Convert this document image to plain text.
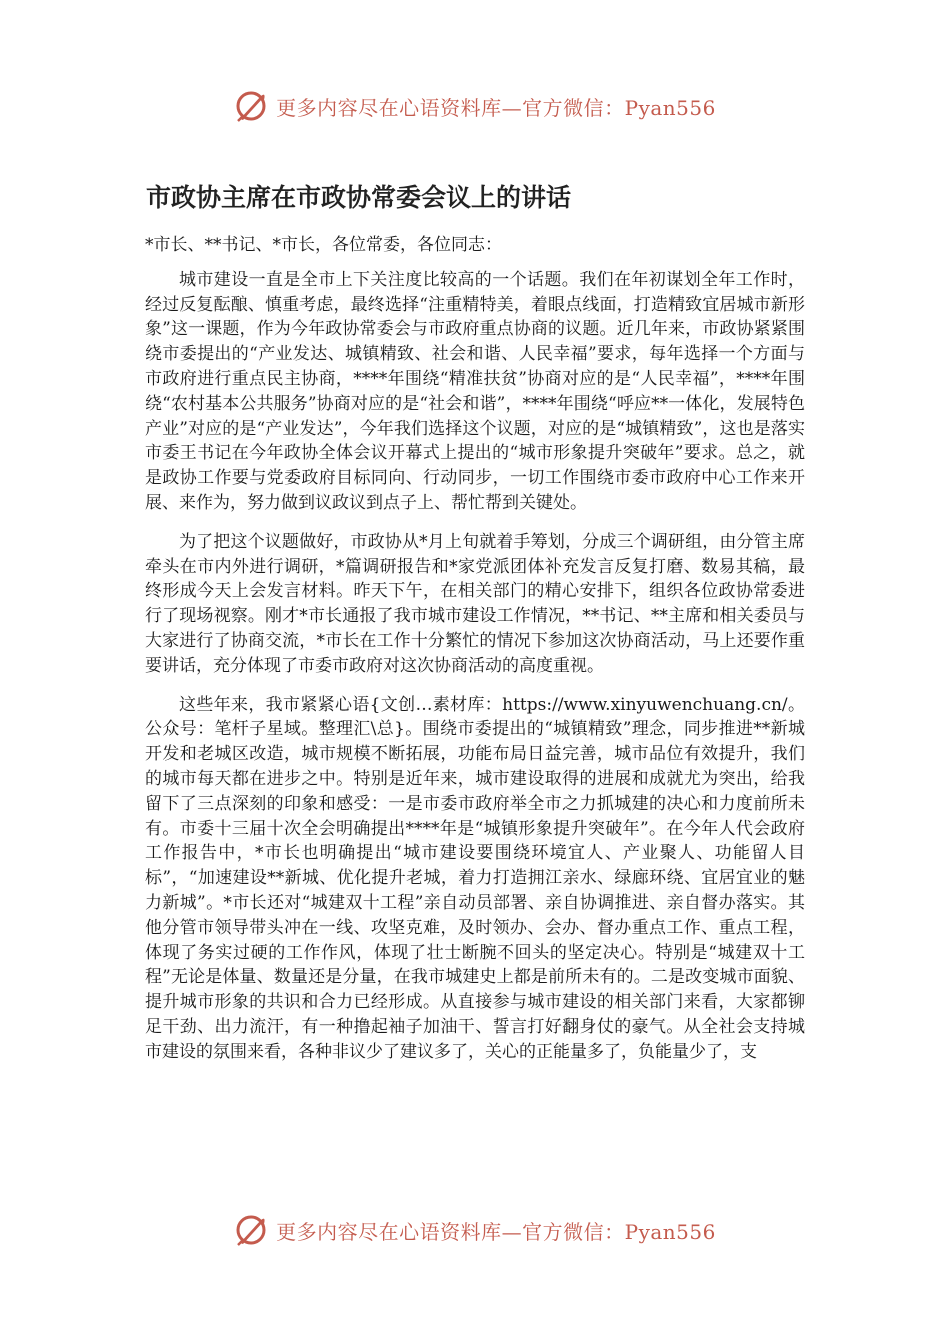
更多内容尽在心语资料库—官方微信：Pyan556
市政协主席在市政协常委会议上的讲话

*市长、**书记、*市长，各位常委，各位同志：

城市建设一直是全市上下关注度比较高的一个话题。我们在年初谋划全年工作时，经过反复酝酿、慎重考虑，最终选择“注重精特美，着眼点线面，打造精致宜居城市新形象”这一课题，作为今年政协常委会与市政府重点协商的议题。近几年来，市政协紧紧围绕市委提出的“产业发达、城镇精致、社会和谐、人民幸福”要求，每年选择一个方面与市政府进行重点民主协商，****年围绕“精准扶贫”协商对应的是“人民幸福”，****年围绕“农村基本公共服务”协商对应的是“社会和谐”，****年围绕“呼应**一体化，发展特色产业”对应的是“产业发达”，今年我们选择这个议题，对应的是“城镇精致”，这也是落实市委王书记在今年政协全体会议开幕式上提出的“城市形象提升突破年”要求。总之，就是政协工作要与党委政府目标同向、行动同步，一切工作围绕市委市政府中心工作来开展、来作为，努力做到议政议到点子上、帮忙帮到关键处。

为了把这个议题做好，市政协从*月上旬就着手筹划，分成三个调研组，由分管主席牵头在市内外进行调研，*篇调研报告和*家党派团体补充发言反复打磨、数易其稿，最终形成今天上会发言材料。昨天下午，在相关部门的精心安排下，组织各位政协常委进行了现场视察。刚才*市长通报了我市城市建设工作情况，**书记、**主席和相关委员与大家进行了协商交流，*市长在工作十分繁忙的情况下参加这次协商活动，马上还要作重要讲话，充分体现了市委市政府对这次协商活动的高度重视。

这些年来，我市紧紧心语{文创…素材库：https://www.xinyuwenchuang.cn/。公众号：笔杆子星域。整理汇\总}。围绕市委提出的“城镇精致”理念，同步推进**新城开发和老城区改造，城市规模不断拓展，功能布局日益完善，城市品位有效提升，我们的城市每天都在进步之中。特别是近年来，城市建设取得的进展和成就尤为突出，给我留下了三点深刻的印象和感受：一是市委市政府举全市之力抓城建的决心和力度前所未有。市委十三届十次全会明确提出****年是“城镇形象提升突破年”。在今年人代会政府工作报告中，*市长也明确提出“城市建设要围绕环境宜人、产业聚人、功能留人目标”，“加速建设**新城、优化提升老城，着力打造拥江亲水、绿廊环绕、宜居宜业的魅力新城”。*市长还对“城建双十工程”亲自动员部署、亲自协调推进、亲自督办落实。其他分管市领导带头冲在一线、攻坚克难，及时领办、会办、督办重点工作、重点工程，体现了务实过硬的工作作风，体现了壮士断腕不回头的坚定决心。特别是“城建双十工程”无论是体量、数量还是分量，在我市城建史上都是前所未有的。二是改变城市面貌、提升城市形象的共识和合力已经形成。从直接参与城市建设的相关部门来看，大家都铆足干劲、出力流汗，有一种撸起袖子加油干、誓言打好翻身仗的豪气。从全社会支持城市建设的氛围来看，各种非议少了建议多了，关心的正能量多了，负能量少了，支

更多内容尽在心语资料库—官方微信：Pyan556
